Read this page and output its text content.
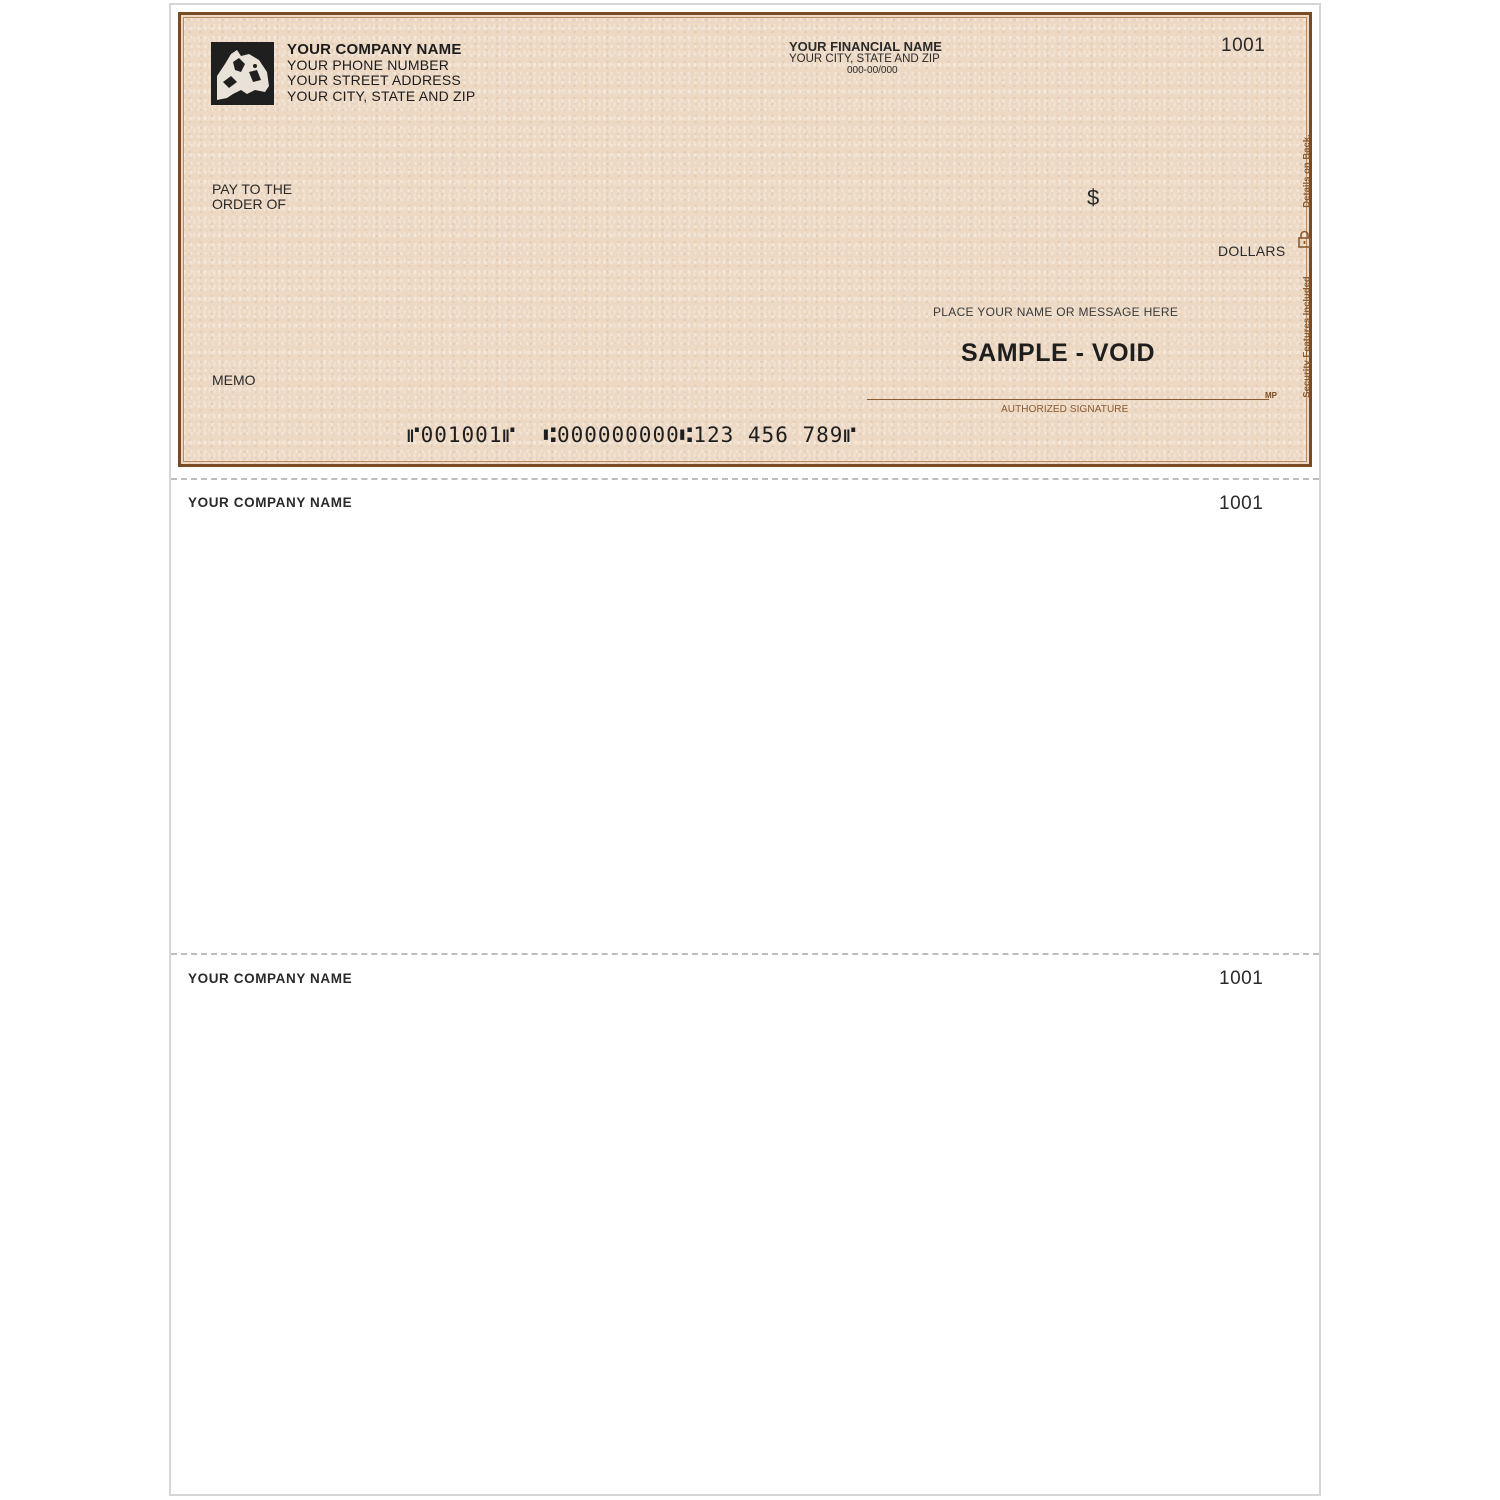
YOUR COMPANY NAME
YOUR PHONE NUMBER
YOUR STREET ADDRESS
YOUR CITY, STATE AND ZIP
YOUR FINANCIAL NAME
YOUR CITY, STATE AND ZIP
000-00/000
1001
PAY TO THE
ORDER OF	$
DOLLARS
MEMO
PLACE YOUR NAME OR MESSAGE HERE
SAMPLE - VOID
MP
AUTHORIZED SIGNATURE
⑈001001⑈  ⑆000000000⑆123 456 789⑈
Security Features Included
Details on Back.
YOUR COMPANY NAME	1001
YOUR COMPANY NAME	1001
